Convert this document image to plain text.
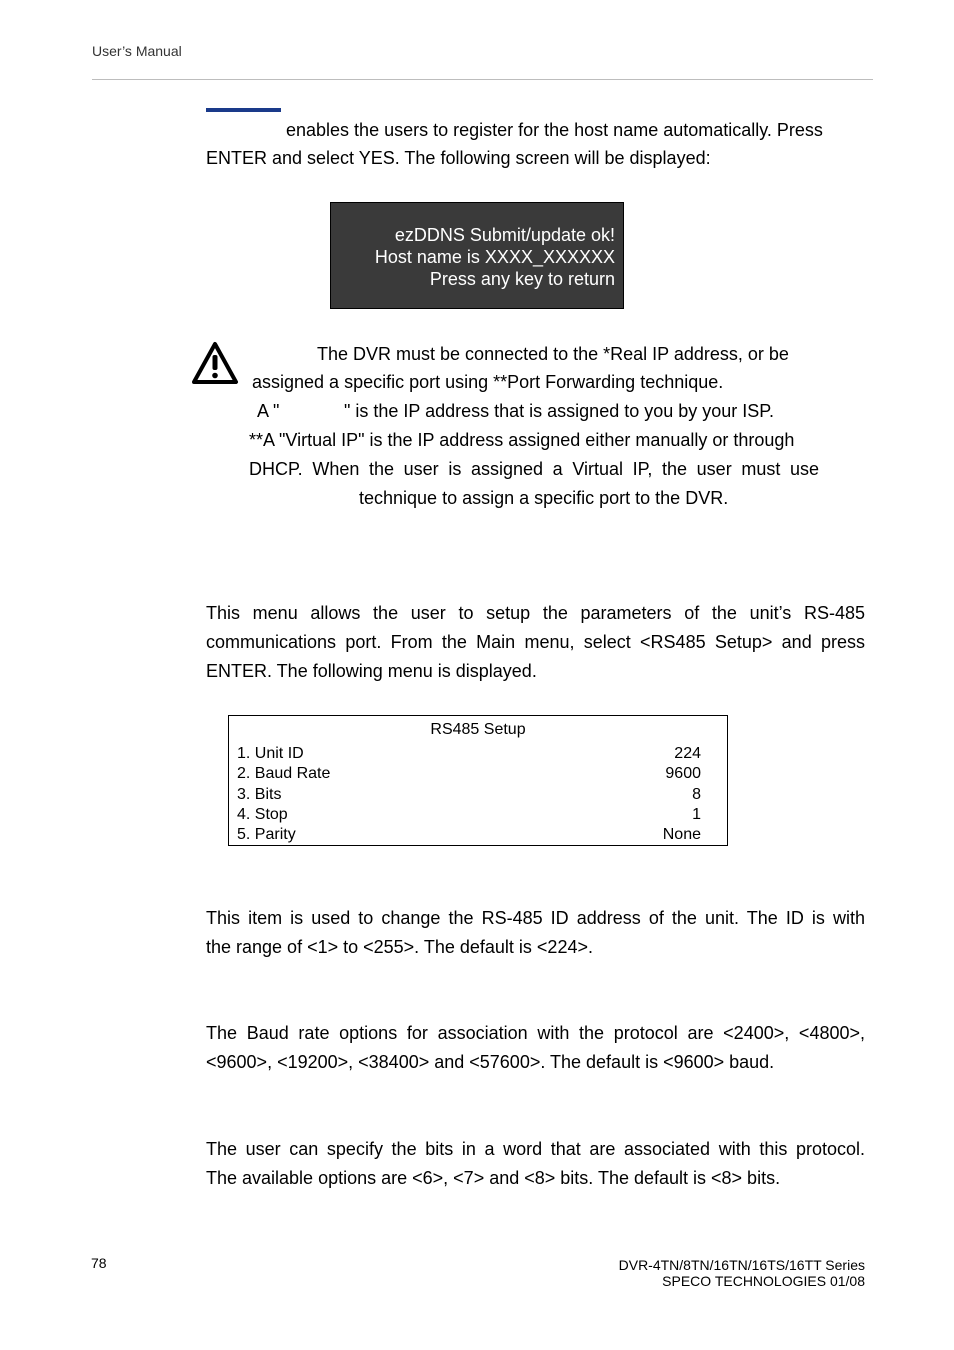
User’s Manual
enables the users to register for the host name automatically. Press
ENTER and select YES. The following screen will be displayed:
ezDDNS Submit/update ok!
Host name is XXXX_XXXXXX
Press any key to return
The DVR must be connected to the *Real IP address, or be
assigned a specific port using **Port Forwarding technique.
A "	" is the IP address that is assigned to you by your ISP.
**A "Virtual IP" is the IP address assigned either manually or through
DHCP. When the user is assigned a Virtual IP, the user must use
technique to assign a specific port to the DVR.
This menu allows the user to setup the parameters of the unit’s RS-485
communications port. From the Main menu, select <RS485 Setup> and press
ENTER. The following menu is displayed.
RS485 Setup
1. Unit ID	224
2. Baud Rate	9600
3. Bits	8
4. Stop	1
5. Parity	None
This item is used to change the RS-485 ID address of the unit. The ID is with
the range of <1> to <255>. The default is <224>.
The Baud rate options for association with the protocol are <2400>, <4800>,
<9600>, <19200>, <38400> and <57600>. The default is <9600> baud.
The user can specify the bits in a word that are associated with this protocol.
The available options are <6>, <7> and <8> bits. The default is <8> bits.
78	DVR-4TN/8TN/16TN/16TS/16TT Series
SPECO TECHNOLOGIES 01/08
